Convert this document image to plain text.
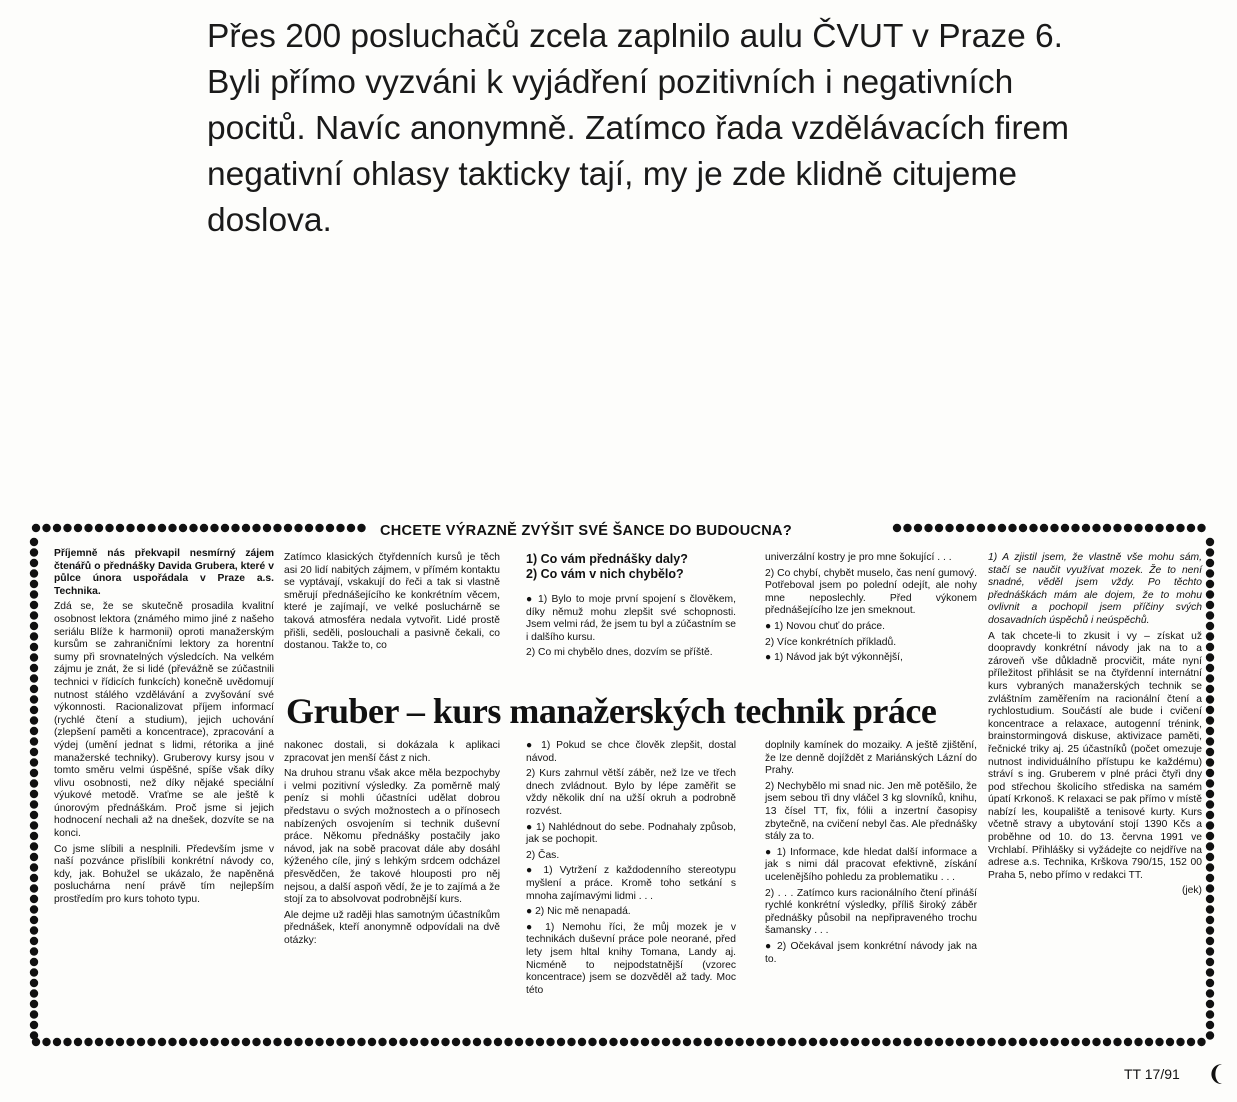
Přes 200 posluchačů zcela zaplnilo aulu ČVUT v Praze 6. Byli přímo vyzváni k vyjádření pozitivních i negativních pocitů. Navíc anonymně. Zatímco řada vzdělávacích firem negativní ohlasy takticky tají, my je zde klidně citujeme doslova.

CHCETE VÝRAZNĚ ZVÝŠIT SVÉ ŠANCE DO BUDOUCNA?

Příjemně nás překvapil nesmírný zájem čtenářů o přednášky Davida Grubera, které v půlce února uspořádala v Praze a.s. Technika.

Zdá se, že se skutečně prosadila kvalitní osobnost lektora (známého mimo jiné z našeho seriálu Blíže k harmonii) oproti manažerským kursům se zahraničními lektory za horentní sumy při srovnatelných výsledcích. Na velkém zájmu je znát, že si lidé (převážně se zúčastnili technici v řídicích funkcích) konečně uvědomují nutnost stálého vzdělávání a zvyšování své výkonnosti. Racionalizovat příjem informací (rychlé čtení a studium), jejich uchování (zlepšení paměti a koncentrace), zpracování a výdej (umění jednat s lidmi, rétorika a jiné manažerské techniky). Gruberovy kursy jsou v tomto směru velmi úspěšné, spíše však díky vlivu osobnosti, než díky nějaké speciální výukové metodě. Vraťme se ale ještě k únorovým přednáškám. Proč jsme si jejich hodnocení nechali až na dnešek, dozvíte se na konci.

Co jsme slíbili a nesplnili. Především jsme v naší pozvánce přislíbili konkrétní návody co, kdy, jak. Bohužel se ukázalo, že napěněná posluchárna není právě tím nejlepším prostředím pro kurs tohoto typu.

Zatímco klasických čtyřdenních kursů je těch asi 20 lidí nabitých zájmem, v přímém kontaktu se vyptávají, vskakují do řeči a tak si vlastně směrují přednášejícího ke konkrétním věcem, které je zajímají, ve velké posluchárně se taková atmosféra nedala vytvořit. Lidé prostě přišli, seděli, poslouchali a pasivně čekali, co dostanou. Takže to, co

nakonec dostali, si dokázala k aplikaci zpracovat jen menší část z nich.

Na druhou stranu však akce měla bezpochyby i velmi pozitivní výsledky. Za poměrně malý peníz si mohli účastníci udělat dobrou představu o svých možnostech a o přínosech nabízených osvojením si technik duševní práce. Někomu přednášky postačily jako návod, jak na sobě pracovat dále aby dosáhl kýženého cíle, jiný s lehkým srdcem odcházel přesvědčen, že takové hlouposti pro něj nejsou, a další aspoň vědí, že je to zajímá a že stojí za to absolvovat podrobnější kurs.

Ale dejme už raději hlas samotným účastníkům přednášek, kteří anonymně odpovídali na dvě otázky:

1) Co vám přednášky daly?
2) Co vám v nich chybělo?

● 1) Bylo to moje první spojení s člověkem, díky němuž mohu zlepšit své schopnosti. Jsem velmi rád, že jsem tu byl a zúčastním se i dalšího kursu.

2) Co mi chybělo dnes, dozvím se příště.

● 1) Pokud se chce člověk zlepšit, dostal návod.

2) Kurs zahrnul větší záběr, než lze ve třech dnech zvládnout. Bylo by lépe zaměřit se vždy několik dní na užší okruh a podrobně rozvést.

● 1) Nahlédnout do sebe. Podnahaly způsob, jak se pochopit.

2) Čas.

● 1) Vytržení z každodenního stereotypu myšlení a práce. Kromě toho setkání s mnoha zajímavými lidmi . . .

● 2) Nic mě nenapadá.

● 1) Nemohu říci, že můj mozek je v technikách duševní práce pole neorané, před lety jsem hltal knihy Tomana, Landy aj. Nicméně to nejpodstatnější (vzorec koncentrace) jsem se dozvěděl až tady. Moc této

univerzální kostry je pro mne šokující . . .

2) Co chybí, chybět muselo, čas není gumový. Potřeboval jsem po polední odejít, ale nohy mne neposlechly. Před výkonem přednášejícího lze jen smeknout.

● 1) Novou chuť do práce.

2) Více konkrétních příkladů.

● 1) Návod jak být výkonnější,

doplnily kamínek do mozaiky. A ještě zjištění, že lze denně dojíždět z Mariánských Lázní do Prahy.

2) Nechybělo mi snad nic. Jen mě potěšilo, že jsem sebou tři dny vláčel 3 kg slovníků, knihu, 13 čísel TT, fix, fólii a inzertní časopisy zbytečně, na cvičení nebyl čas. Ale přednášky stály za to.

● 1) Informace, kde hledat další informace a jak s nimi dál pracovat efektivně, získání ucelenějšího pohledu za problematiku . . .

2) . . . Zatímco kurs racionálního čtení přináší rychlé konkrétní výsledky, příliš široký záběr přednášky působil na nepřipraveného trochu šamansky . . .

● 2) Očekával jsem konkrétní návody jak na to.

1) A zjistil jsem, že vlastně vše mohu sám, stačí se naučit využívat mozek. Že to není snadné, věděl jsem vždy. Po těchto přednáškách mám ale dojem, že to mohu ovlivnit a pochopil jsem příčiny svých dosavadních úspěchů i neúspěchů.

A tak chcete-li to zkusit i vy – získat už doopravdy konkrétní návody jak na to a zároveň vše důkladně procvičit, máte nyní příležitost přihlásit se na čtyřdenní internátní kurs vybraných manažerských technik se zvláštním zaměřením na racionální čtení a rychlostudium. Součástí ale bude i cvičení koncentrace a relaxace, autogenní trénink, brainstormingová diskuse, aktivizace paměti, řečnické triky aj. 25 účastníků (počet omezuje nutnost individuálního přístupu ke každému) stráví s ing. Gruberem v plné práci čtyři dny pod střechou školicího střediska na samém úpatí Krkonoš. K relaxaci se pak přímo v místě nabízí les, koupaliště a tenisové kurty. Kurs včetně stravy a ubytování stojí 1390 Kčs a proběhne od 10. do 13. června 1991 ve Vrchlabí. Přihlášky si vyžádejte co nejdříve na adrese a.s. Technika, Krškova 790/15, 152 00 Praha 5, nebo přímo v redakci TT.

(jek)

Gruber – kurs manažerských technik práce
TT 17/91 ❨
